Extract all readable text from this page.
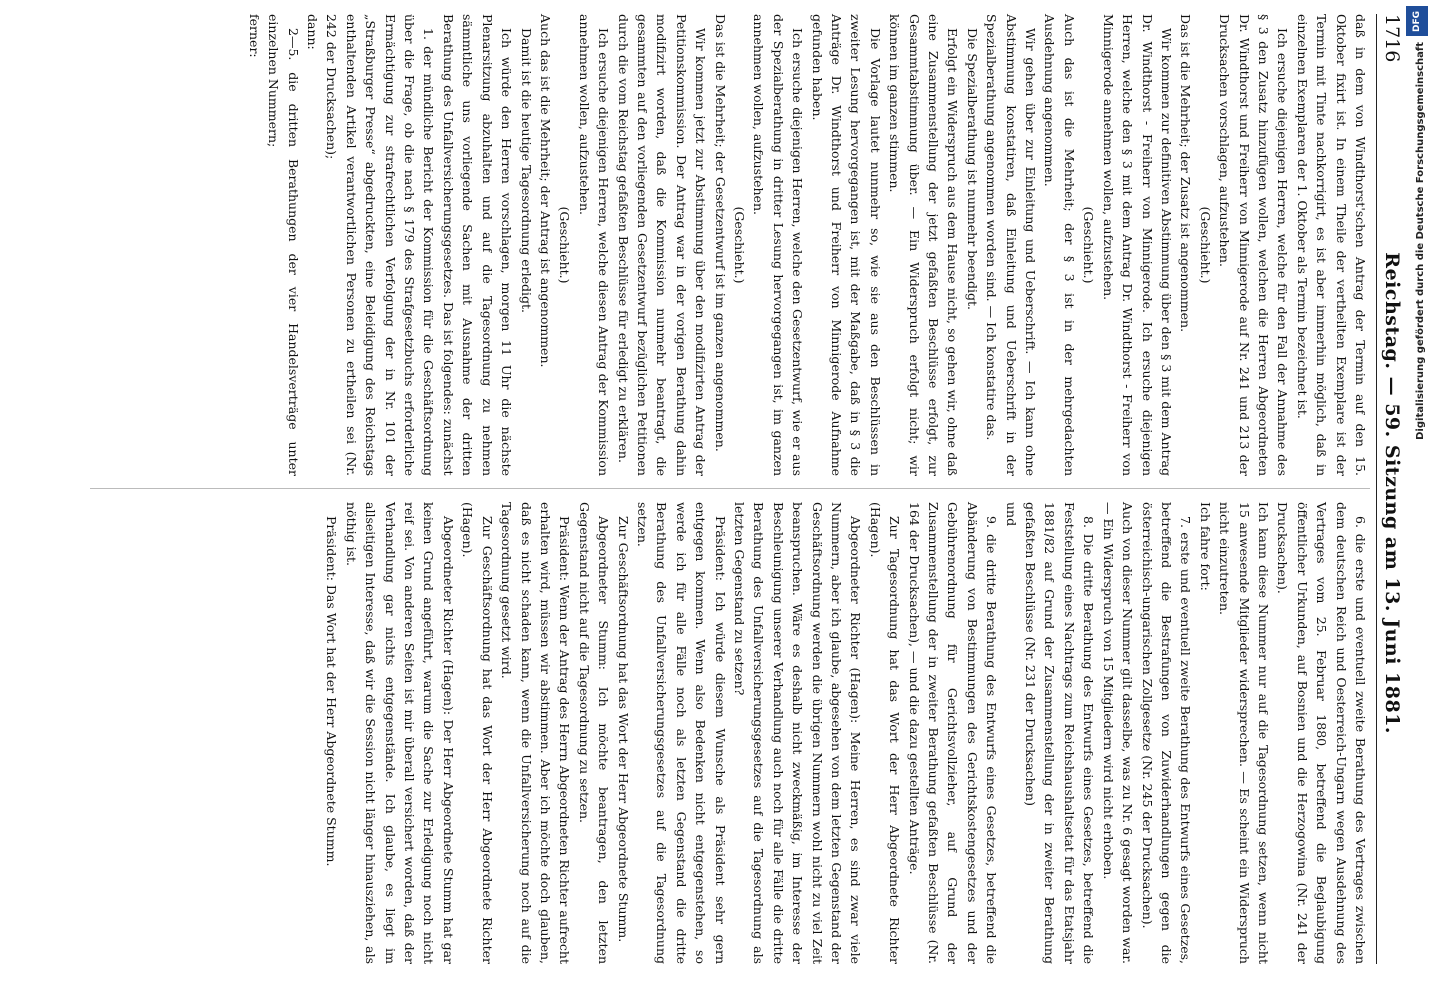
1716
Reichstag. — 59. Sitzung am 13. Juni 1881.

daß in dem von Windthorst'schen Antrag der Termin auf den 15. Oktober fixirt ist. In einem Theile der vertheilten Exemplare ist der Termin mit Tinte nachkorrigirt, es ist aber immerhin möglich, daß in einzelnen Exemplaren der 1. Oktober als Termin bezeichnet ist.

Ich ersuche diejenigen Herren, welche für den Fall der Annahme des § 3 den Zusatz hinzufügen wollen, welchen die Herren Abgeordneten Dr. Windthorst und Freiherr von Minnigerode auf Nr. 241 und 213 der Drucksachen vorschlagen, aufzustehen.

(Geschieht.)

Das ist die Mehrheit; der Zusatz ist angenommen.

Wir kommen zur definitiven Abstimmung über den § 3 mit dem Antrag Dr. Windthorst - Freiherr von Minnigerode. Ich ersuche diejenigen Herren, welche den § 3 mit dem Antrag Dr. Windthorst - Freiherr von Minnigerode annehmen wollen, aufzustehen.

(Geschieht.)

Auch das ist die Mehrheit; der § 3 ist in der mehrgedachten Ausdehnung angenommen.

Wir gehen über zur Einleitung und Ueberschrift. — Ich kann ohne Abstimmung konstatiren, daß Einleitung und Ueberschrift in der Spezialberathung angenommen worden sind. — Ich konstatire das.

Die Spezialberathung ist nunmehr beendigt.

Erfolgt ein Widerspruch aus dem Hause nicht, so gehen wir, ohne daß eine Zusammenstellung der jetzt gefaßten Beschlüsse erfolgt, zur Gesammtabstimmung über. — Ein Widerspruch erfolgt nicht; wir können im ganzen stimmen.

Die Vorlage lautet nunmehr so, wie sie aus den Beschlüssen in zweiter Lesung hervorgegangen ist, mit der Maßgabe, daß in § 3 die Anträge Dr. Windthorst und Freiherr von Minnigerode Aufnahme gefunden haben.

Ich ersuche diejenigen Herren, welche den Gesetzentwurf, wie er aus der Spezialberathung in dritter Lesung hervorgegangen ist, im ganzen annehmen wollen, aufzustehen.

(Geschieht.)

Das ist die Mehrheit; der Gesetzentwurf ist im ganzen angenommen.

Wir kommen jetzt zur Abstimmung über den modifizirten Antrag der Petitionskommission. Der Antrag war in der vorigen Berathung dahin modifizirt worden, daß die Kommission nunmehr beantragt, die gesammten auf den vorliegenden Gesetzentwurf bezüglichen Petitionen durch die vom Reichstag gefaßten Beschlüsse für erledigt zu erklären.

Ich ersuche diejenigen Herren, welche diesen Antrag der Kommission annehmen wollen, aufzustehen.

(Geschieht.)

Auch das ist die Mehrheit; der Antrag ist angenommen.

Damit ist die heutige Tagesordnung erledigt.

Ich würde den Herren vorschlagen, morgen 11 Uhr die nächste Plenarsitzung abzuhalten und auf die Tagesordnung zu nehmen sämmtliche uns vorliegende Sachen mit Ausnahme der dritten Berathung des Unfallversicherungsgesetzes. Das ist folgendes: zunächst

1. der mündliche Bericht der Kommission für die Geschäftsordnung über die Frage, ob die nach § 179 des Strafgesetzbuchs erforderliche Ermächtigung zur strafrechtlichen Verfolgung der in Nr. 101 der „Straßburger Presse“ abgedruckten, eine Beleidigung des Reichstags enthaltenden Artikel verantwortlichen Personen zu ertheilen sei (Nr. 242 der Drucksachen);

dann:

2—5. die dritten Berathungen der vier Handelsverträge unter einzelnen Nummern;

ferner:

6. die erste und eventuell zweite Berathung des Vertrages zwischen dem deutschen Reich und Oesterreich-Ungarn wegen Ausdehnung des Vertrages vom 25. Februar 1880, betreffend die Beglaubigung öffentlicher Urkunden, auf Bosnien und die Herzogowina (Nr. 241 der Drucksachen).

Ich kann diese Nummer nur auf die Tagesordnung setzen, wenn nicht 15 anwesende Mitglieder widersprechen. — Es scheint ein Widerspruch nicht einzutreten.

Ich fahre fort:

7. erste und eventuell zweite Berathung des Entwurfs eines Gesetzes, betreffend die Bestrafungen von Zuwiderhandlungen gegen die österreichisch-ungarischen Zollgesetze (Nr. 245 der Drucksachen).

Auch von dieser Nummer gilt dasselbe, was zu Nr. 6 gesagt worden war. — Ein Widerspruch von 15 Mitgliedern wird nicht erhoben.

8. Die dritte Berathung des Entwurfs eines Gesetzes, betreffend die Feststellung eines Nachtrags zum Reichshaushaltsetat für das Etatsjahr 1881/82 auf Grund der Zusammenstellung der in zweiter Berathung gefaßten Beschlüsse (Nr. 231 der Drucksachen)

und

9. die dritte Berathung des Entwurfs eines Gesetzes, betreffend die Abänderung von Bestimmungen des Gerichtskostengesetzes und der Gebührenordnung für Gerichtsvollzieher, auf Grund der Zusammenstellung der in zweiter Berathung gefaßten Beschlüsse (Nr. 164 der Drucksachen), — und die dazu gestellten Anträge.

Zur Tagesordnung hat das Wort der Herr Abgeordnete Richter (Hagen).

Abgeordneter Richter (Hagen): Meine Herren, es sind zwar viele Nummern, aber ich glaube, abgesehen von dem letzten Gegenstand der Geschäftsordnung werden die übrigen Nummern wohl nicht zu viel Zeit beanspruchen. Wäre es deshalb nicht zweckmäßig, im Interesse der Beschleunigung unserer Verhandlung auch noch für alle Fälle die dritte Berathung des Unfallversicherungsgesetzes auf die Tagesordnung als letzten Gegenstand zu setzen?

Präsident: Ich würde diesem Wunsche als Präsident sehr gern entgegen kommen. Wenn also Bedenken nicht entgegenstehen, so werde ich für alle Fälle noch als letzten Gegenstand die dritte Berathung des Unfallversicherungsgesetzes auf die Tagesordnung setzen.

Zur Geschäftsordnung hat das Wort der Herr Abgeordnete Stumm.

Abgeordneter Stumm: Ich möchte beantragen, den letzten Gegenstand nicht auf die Tagesordnung zu setzen.

Präsident: Wenn der Antrag des Herrn Abgeordneten Richter aufrecht erhalten wird, müssen wir abstimmen. Aber ich möchte doch glauben, daß es nicht schaden kann, wenn die Unfallversicherung noch auf die Tagesordnung gesetzt wird.

Zur Geschäftsordnung hat das Wort der Herr Abgeordnete Richter (Hagen).

Abgeordneter Richter (Hagen): Der Herr Abgeordnete Stumm hat gar keinen Grund angeführt, warum die Sache zur Erledigung noch nicht reif sei. Von anderen Seiten ist mir überall versichert worden, daß der Verhandlung gar nichts entgegenstände. Ich glaube, es liegt im allseitigen Interesse, daß wir die Session nicht länger hinausziehen, als nöthig ist.

Präsident: Das Wort hat der Herr Abgeordnete Stumm.

DFG
Digitalisierung gefördert durch die Deutsche Forschungsgemeinschaft
